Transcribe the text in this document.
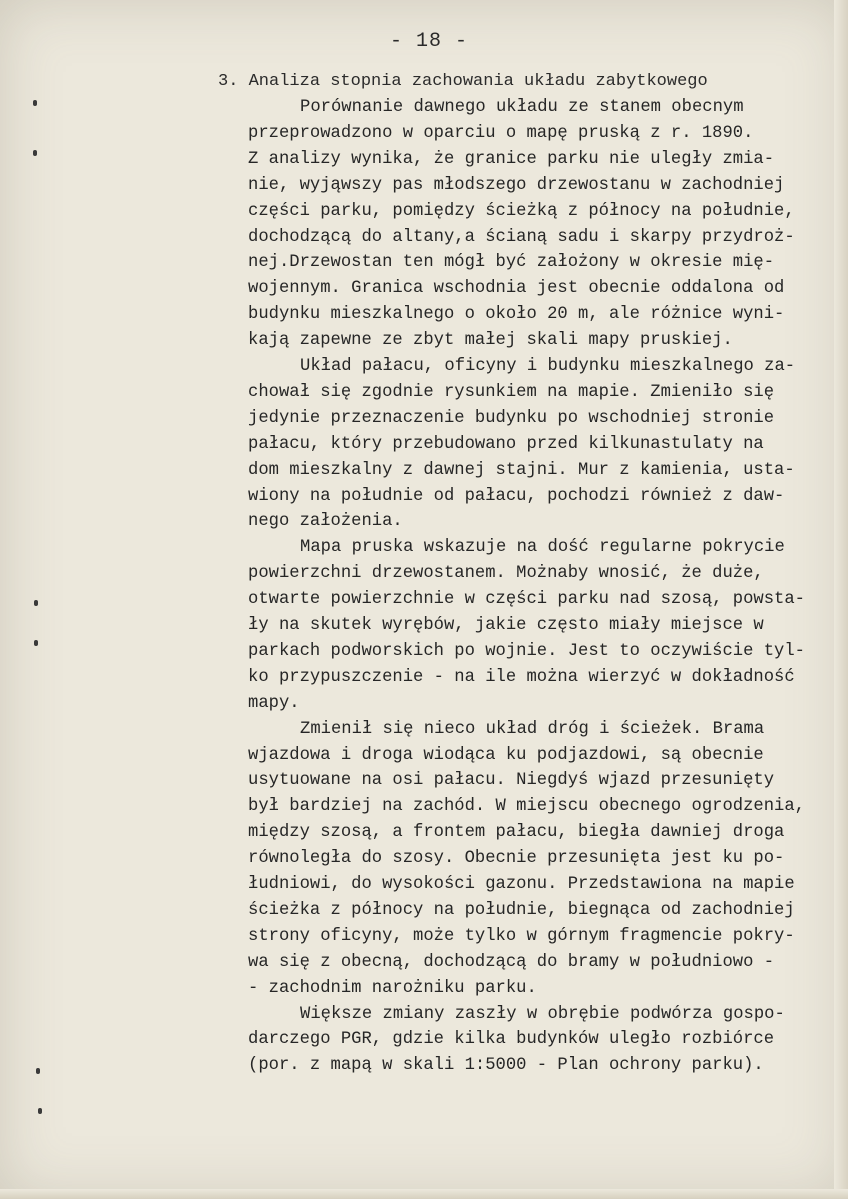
- 18 -
3. Analiza stopnia zachowania układu zabytkowego
Porównanie dawnego układu ze stanem obecnym
przeprowadzono w oparciu o mapę pruską z r. 1890.
Z analizy wynika, że granice parku nie uległy zmia-
nie, wyjąwszy pas młodszego drzewostanu w zachodniej
części parku, pomiędzy ścieżką z północy na południe,
dochodzącą do altany,a ścianą sadu i skarpy przydroż-
nej.Drzewostan ten mógł być założony w okresie mię-
wojennym. Granica wschodnia jest obecnie oddalona od
budynku mieszkalnego o około 20 m, ale różnice wyni-
kają zapewne ze zbyt małej skali mapy pruskiej.
Układ pałacu, oficyny i budynku mieszkalnego za-
chował się zgodnie rysunkiem na mapie. Zmieniło się
jedynie przeznaczenie budynku po wschodniej stronie
pałacu, który przebudowano przed kilkunastulaty na
dom mieszkalny z dawnej stajni. Mur z kamienia, usta-
wiony na południe od pałacu, pochodzi również z daw-
nego założenia.
Mapa pruska wskazuje na dość regularne pokrycie
powierzchni drzewostanem. Możnaby wnosić, że duże,
otwarte powierzchnie w części parku nad szosą, powsta-
ły na skutek wyrębów, jakie często miały miejsce w
parkach podworskich po wojnie. Jest to oczywiście tyl-
ko przypuszczenie - na ile można wierzyć w dokładność
mapy.
Zmienił się nieco układ dróg i ścieżek. Brama
wjazdowa i droga wiodąca ku podjazdowi, są obecnie
usytuowane na osi pałacu. Niegdyś wjazd przesunięty
był bardziej na zachód. W miejscu obecnego ogrodzenia,
między szosą, a frontem pałacu, biegła dawniej droga
równoległa do szosy. Obecnie przesunięta jest ku po-
łudniowi, do wysokości gazonu. Przedstawiona na mapie
ścieżka z północy na południe, biegnąca od zachodniej
strony oficyny, może tylko w górnym fragmencie pokry-
wa się z obecną, dochodzącą do bramy w południowo -
- zachodnim narożniku parku.
Większe zmiany zaszły w obrębie podwórza gospo-
darczego PGR, gdzie kilka budynków uległo rozbiórce
(por. z mapą w skali 1:5000 - Plan ochrony parku).
